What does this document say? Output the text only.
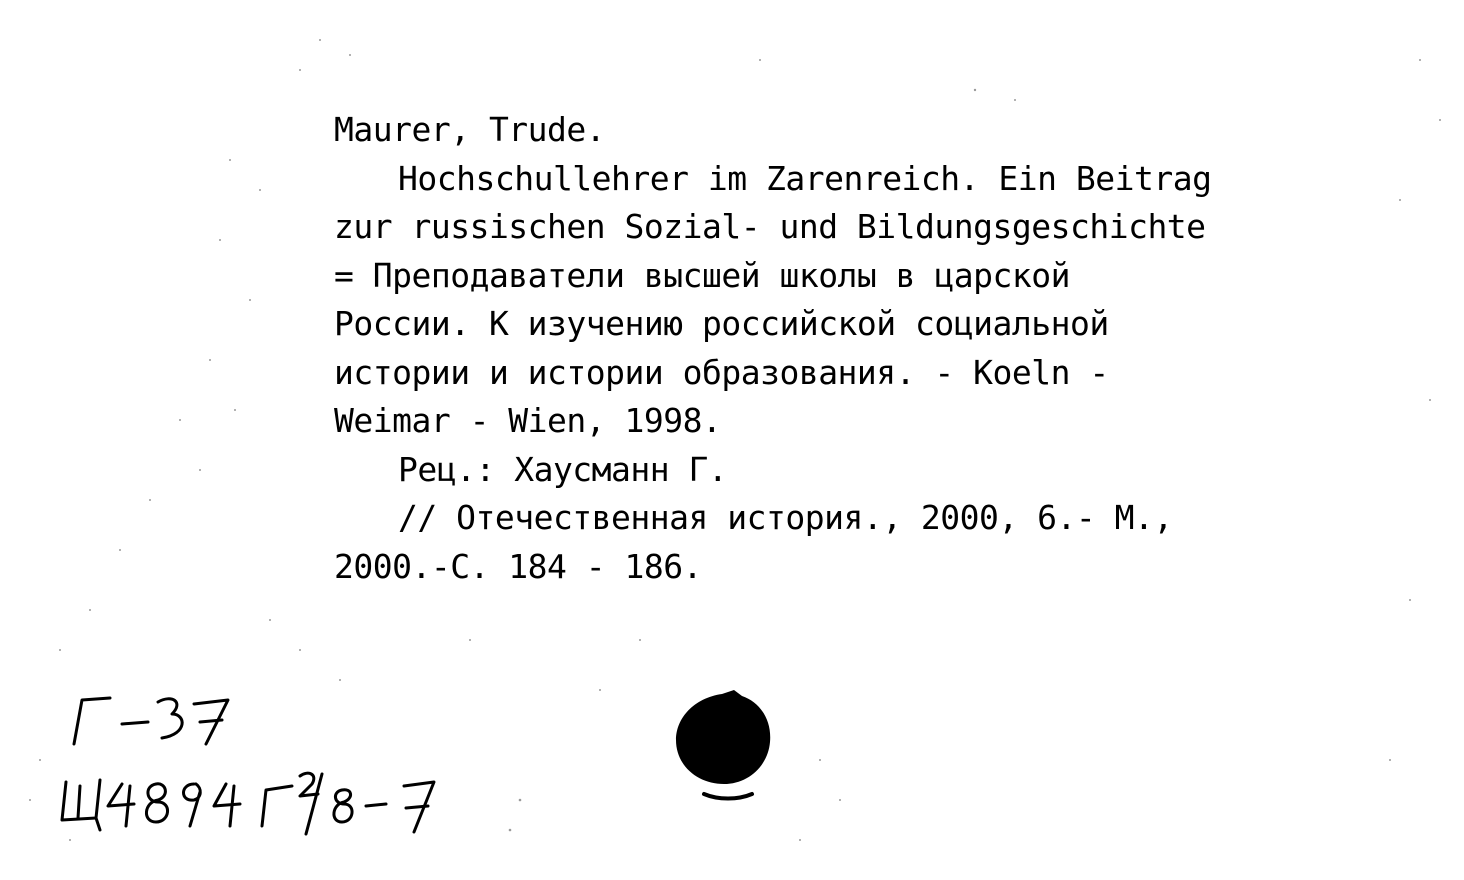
Maurer, Trude.
Hochschullehrer im Zarenreich. Ein Beitrag
zur russischen Sozial- und Bildungsgeschichte
= Преподаватели высшей школы в царской
России. К изучению российской социальной
истории и истории образования. - Koeln -
Weimar - Wien, 1998.
Рец.: Хаусманн Г.
// Отечественная история., 2000, 6.- М.,
2000.-С. 184 - 186.
